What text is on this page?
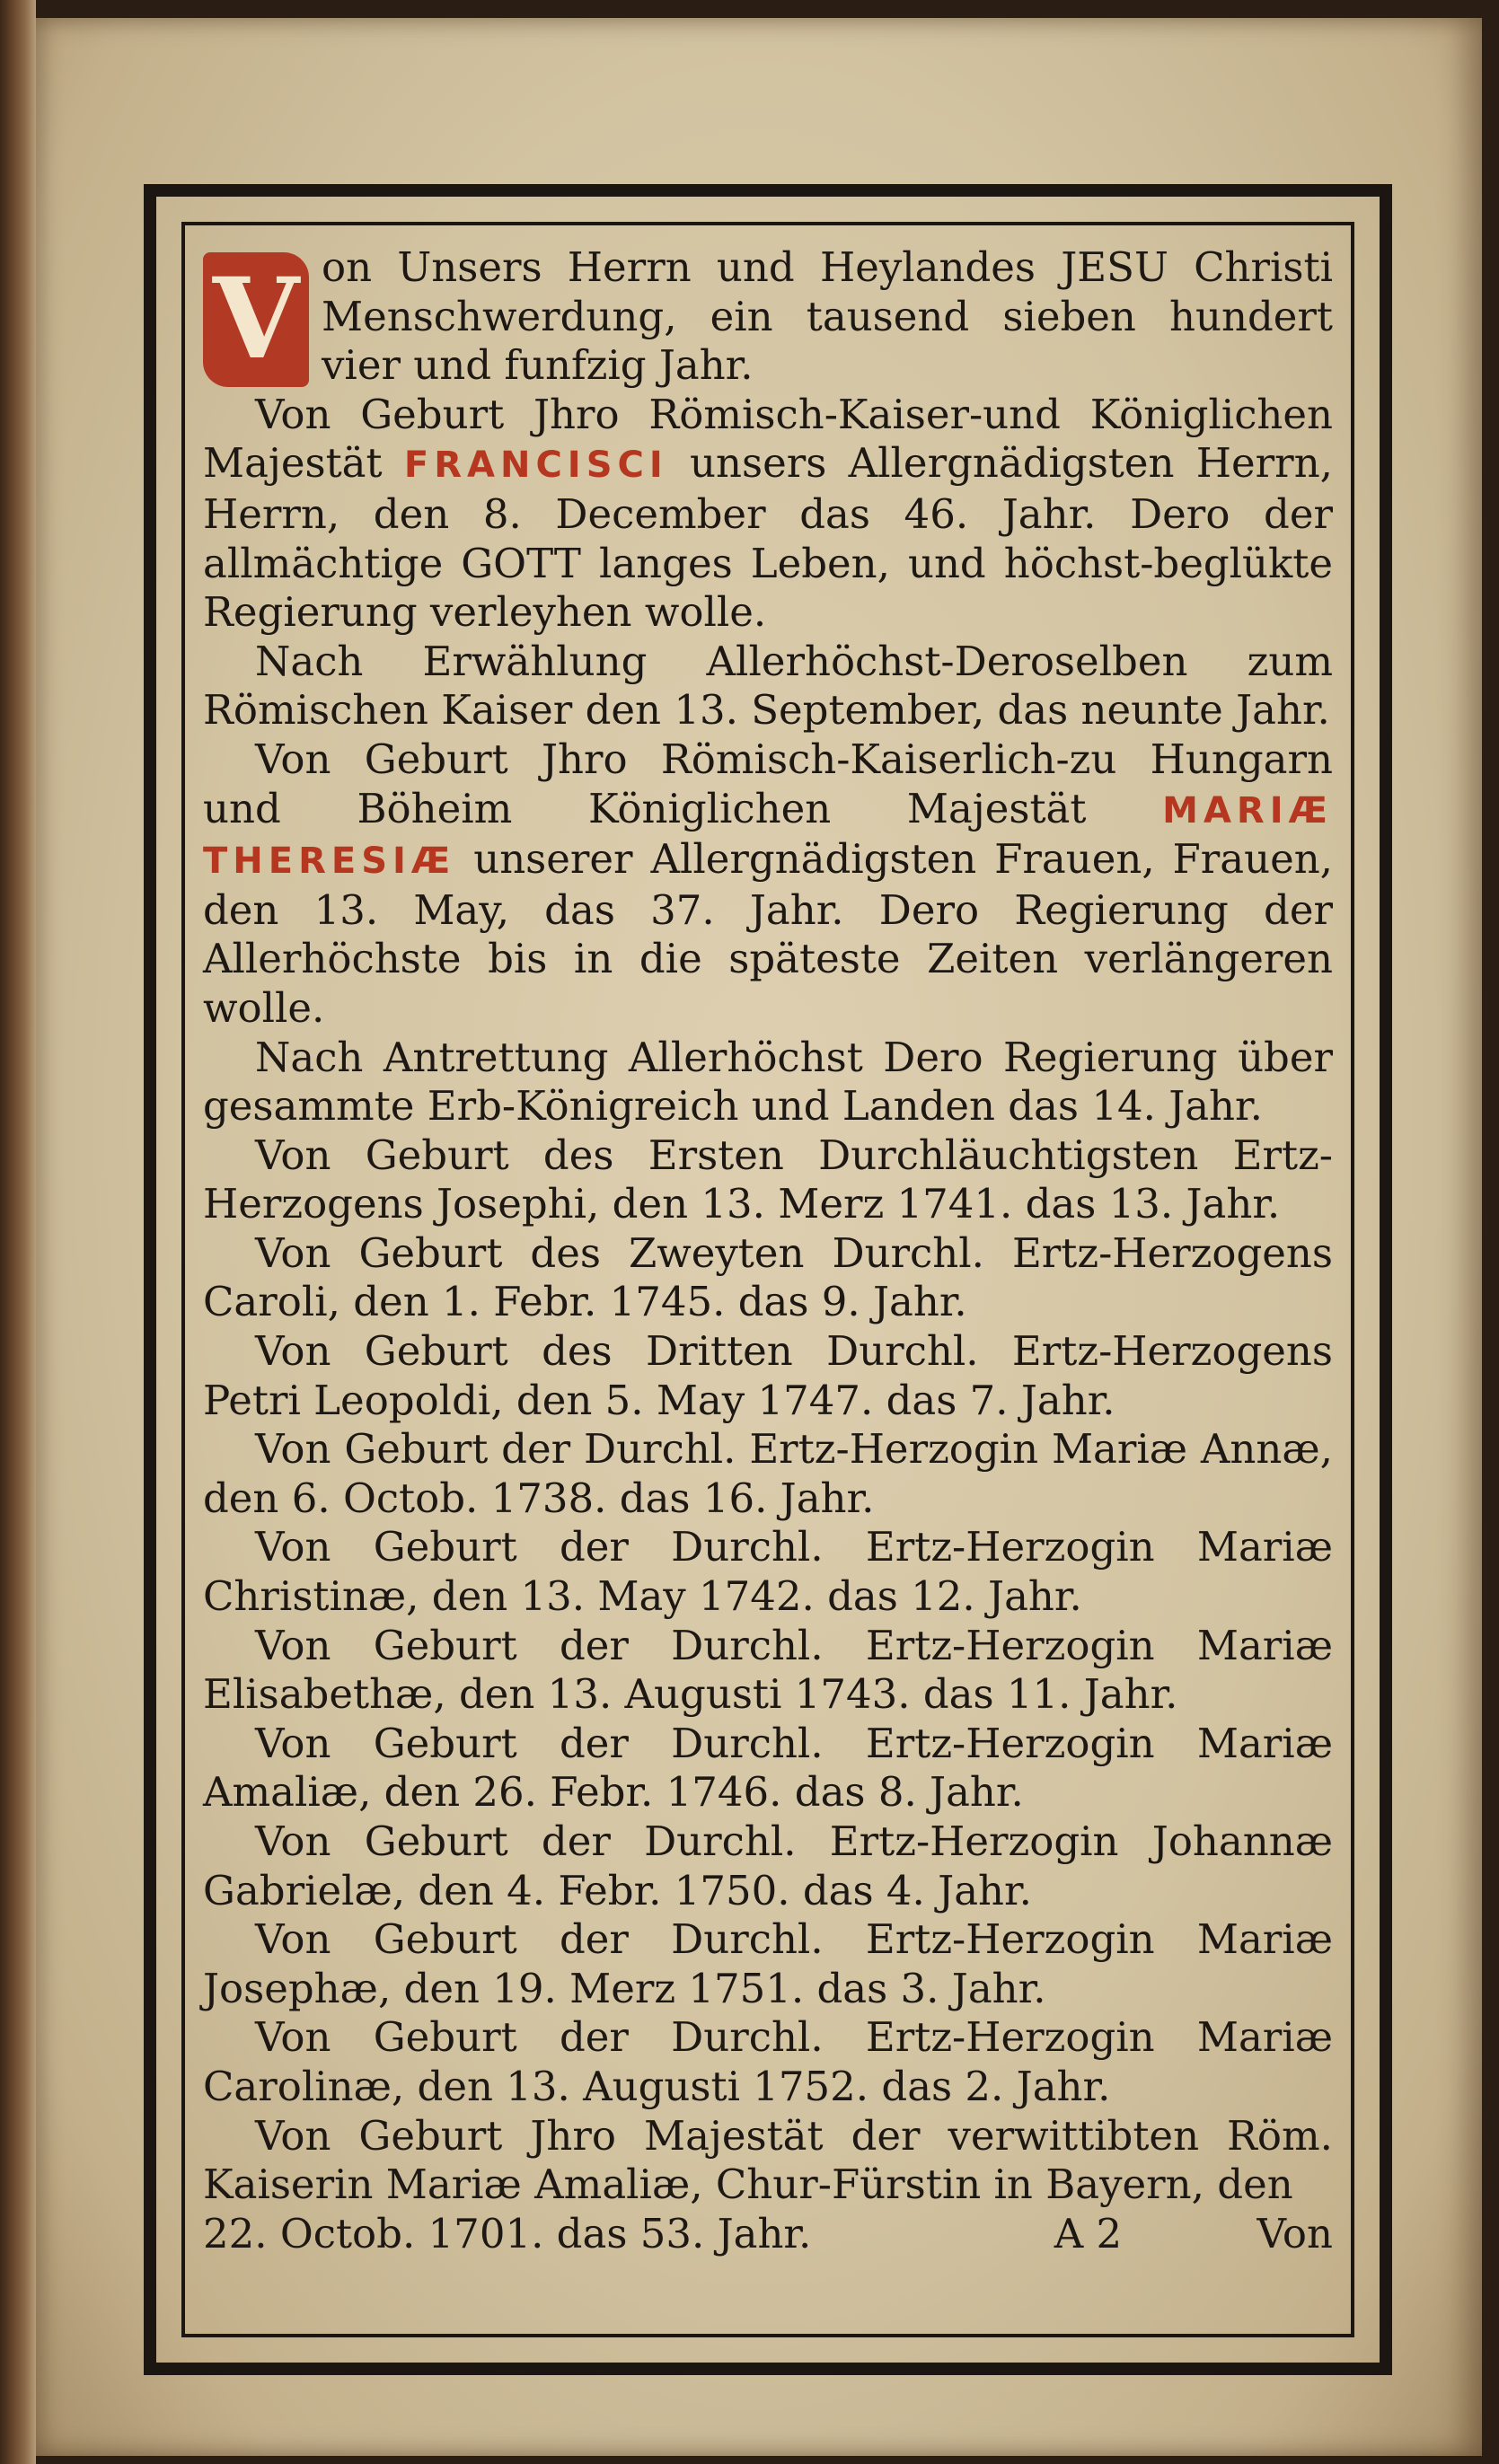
V on Unsers Herrn und Heylandes JESU Christi Menschwerdung, ein tausend sieben hundert vier und funfzig Jahr.

Von Geburt Jhro Römisch-Kaiser-und Königlichen Majestät FRANCISCI unsers Allergnädigsten Herrn, Herrn, den 8. December das 46. Jahr. Dero der allmächtige GOTT langes Leben, und höchst-beglükte Regierung verleyhen wolle.

Nach Erwählung Allerhöchst-Deroselben zum Römischen Kaiser den 13. September, das neunte Jahr.

Von Geburt Jhro Römisch-Kaiserlich-zu Hungarn und Böheim Königlichen Majestät MARIÆ THERESIÆ unserer Allergnädigsten Frauen, Frauen, den 13. May, das 37. Jahr. Dero Regierung der Allerhöchste bis in die späteste Zeiten verlängeren wolle.

Nach Antrettung Allerhöchst Dero Regierung über gesammte Erb-Königreich und Landen das 14. Jahr.

Von Geburt des Ersten Durchläuchtigsten Ertz-Herzogens Josephi, den 13. Merz 1741. das 13. Jahr.

Von Geburt des Zweyten Durchl. Ertz-Herzogens Caroli, den 1. Febr. 1745. das 9. Jahr.

Von Geburt des Dritten Durchl. Ertz-Herzogens Petri Leopoldi, den 5. May 1747. das 7. Jahr.

Von Geburt der Durchl. Ertz-Herzogin Mariæ Annæ, den 6. Octob. 1738. das 16. Jahr.

Von Geburt der Durchl. Ertz-Herzogin Mariæ Christinæ, den 13. May 1742. das 12. Jahr.

Von Geburt der Durchl. Ertz-Herzogin Mariæ Elisabethæ, den 13. Augusti 1743. das 11. Jahr.

Von Geburt der Durchl. Ertz-Herzogin Mariæ Amaliæ, den 26. Febr. 1746. das 8. Jahr.

Von Geburt der Durchl. Ertz-Herzogin Johannæ Gabrielæ, den 4. Febr. 1750. das 4. Jahr.

Von Geburt der Durchl. Ertz-Herzogin Mariæ Josephæ, den 19. Merz 1751. das 3. Jahr.

Von Geburt der Durchl. Ertz-Herzogin Mariæ Carolinæ, den 13. Augusti 1752. das 2. Jahr.

Von Geburt Jhro Majestät der verwittibten Röm. Kaiserin Mariæ Amaliæ, Chur-Fürstin in Bayern, den

22. Octob. 1701. das 53. Jahr.	A 2	Von
